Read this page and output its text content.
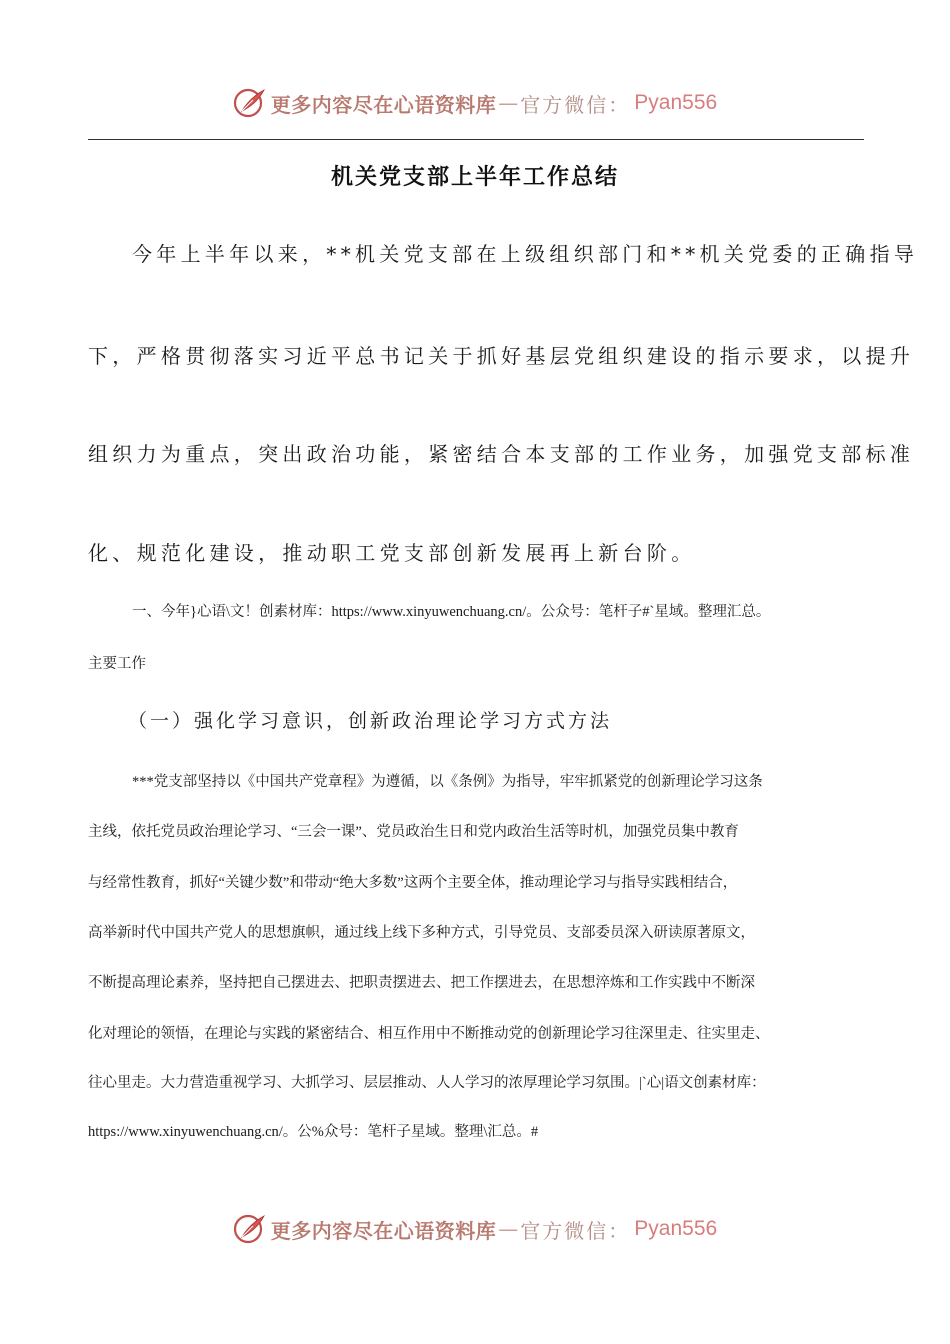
更多内容尽在心语资料库 — 官方微信： Pyan556
机关党支部上半年工作总结
今年上半年以来，**机关党支部在上级组织部门和**机关党委的正确指导
下，严格贯彻落实习近平总书记关于抓好基层党组织建设的指示要求，以提升
组织力为重点，突出政治功能，紧密结合本支部的工作业务，加强党支部标准
化、规范化建设，推动职工党支部创新发展再上新台阶。
一、今年}心语\文！创素材库：https://www.xinyuwenchuang.cn/。公众号：笔杆子#`星域。整理汇总。
主要工作
（一）强化学习意识，创新政治理论学习方式方法
***党支部坚持以《中国共产党章程》为遵循，以《条例》为指导，牢牢抓紧党的创新理论学习这条
主线，依托党员政治理论学习、“三会一课”、党员政治生日和党内政治生活等时机，加强党员集中教育
与经常性教育，抓好“关键少数”和带动“绝大多数”这两个主要全体，推动理论学习与指导实践相结合，
高举新时代中国共产党人的思想旗帜，通过线上线下多种方式，引导党员、支部委员深入研读原著原文，
不断提高理论素养，坚持把自己摆进去、把职责摆进去、把工作摆进去，在思想淬炼和工作实践中不断深
化对理论的领悟，在理论与实践的紧密结合、相互作用中不断推动党的创新理论学习往深里走、往实里走、
往心里走。大力营造重视学习、大抓学习、层层推动、人人学习的浓厚理论学习氛围。|`心|语文创素材库：
https://www.xinyuwenchuang.cn/。公%众号：笔杆子星域。整理\汇总。#
更多内容尽在心语资料库 — 官方微信： Pyan556
